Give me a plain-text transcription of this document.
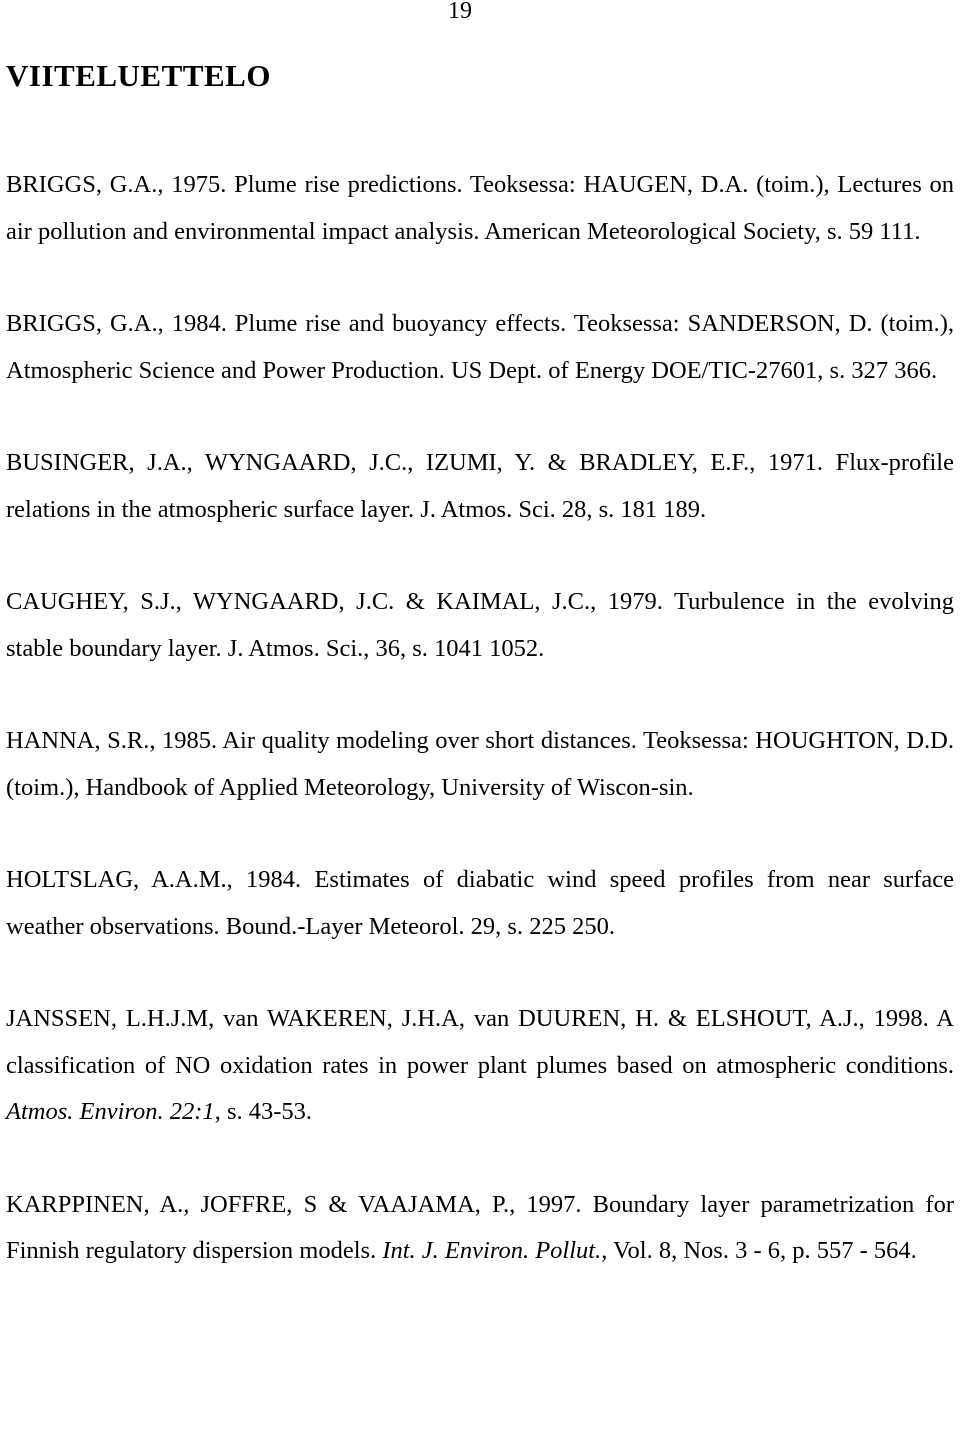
19
VIITELUETTELO
BRIGGS, G.A., 1975. Plume rise predictions. Teoksessa: HAUGEN, D.A. (toim.), Lectures on air pollution and environmental impact analysis. American Meteorological Society, s. 59 111.
BRIGGS, G.A., 1984. Plume rise and buoyancy effects. Teoksessa: SANDERSON, D. (toim.), Atmospheric Science and Power Production. US Dept. of Energy DOE/TIC-27601, s. 327 366.
BUSINGER, J.A., WYNGAARD, J.C., IZUMI, Y. & BRADLEY, E.F., 1971. Flux-profile relations in the atmospheric surface layer. J. Atmos. Sci. 28, s. 181 189.
CAUGHEY, S.J., WYNGAARD, J.C. & KAIMAL, J.C., 1979. Turbulence in the evolving stable boundary layer. J. Atmos. Sci., 36, s. 1041 1052.
HANNA, S.R., 1985. Air quality modeling over short distances. Teoksessa: HOUGHTON, D.D. (toim.), Handbook of Applied Meteorology, University of Wiscon-sin.
HOLTSLAG, A.A.M., 1984. Estimates of diabatic wind speed profiles from near surface weather observations. Bound.-Layer Meteorol. 29, s. 225 250.
JANSSEN, L.H.J.M, van WAKEREN, J.H.A, van DUUREN, H. & ELSHOUT, A.J., 1998. A classification of NO oxidation rates in power plant plumes based on atmospheric conditions. Atmos. Environ. 22:1, s. 43-53.
KARPPINEN, A., JOFFRE, S & VAAJAMA, P., 1997. Boundary layer parametrization for Finnish regulatory dispersion models. Int. J. Environ. Pollut., Vol. 8, Nos. 3 - 6, p. 557 - 564.
